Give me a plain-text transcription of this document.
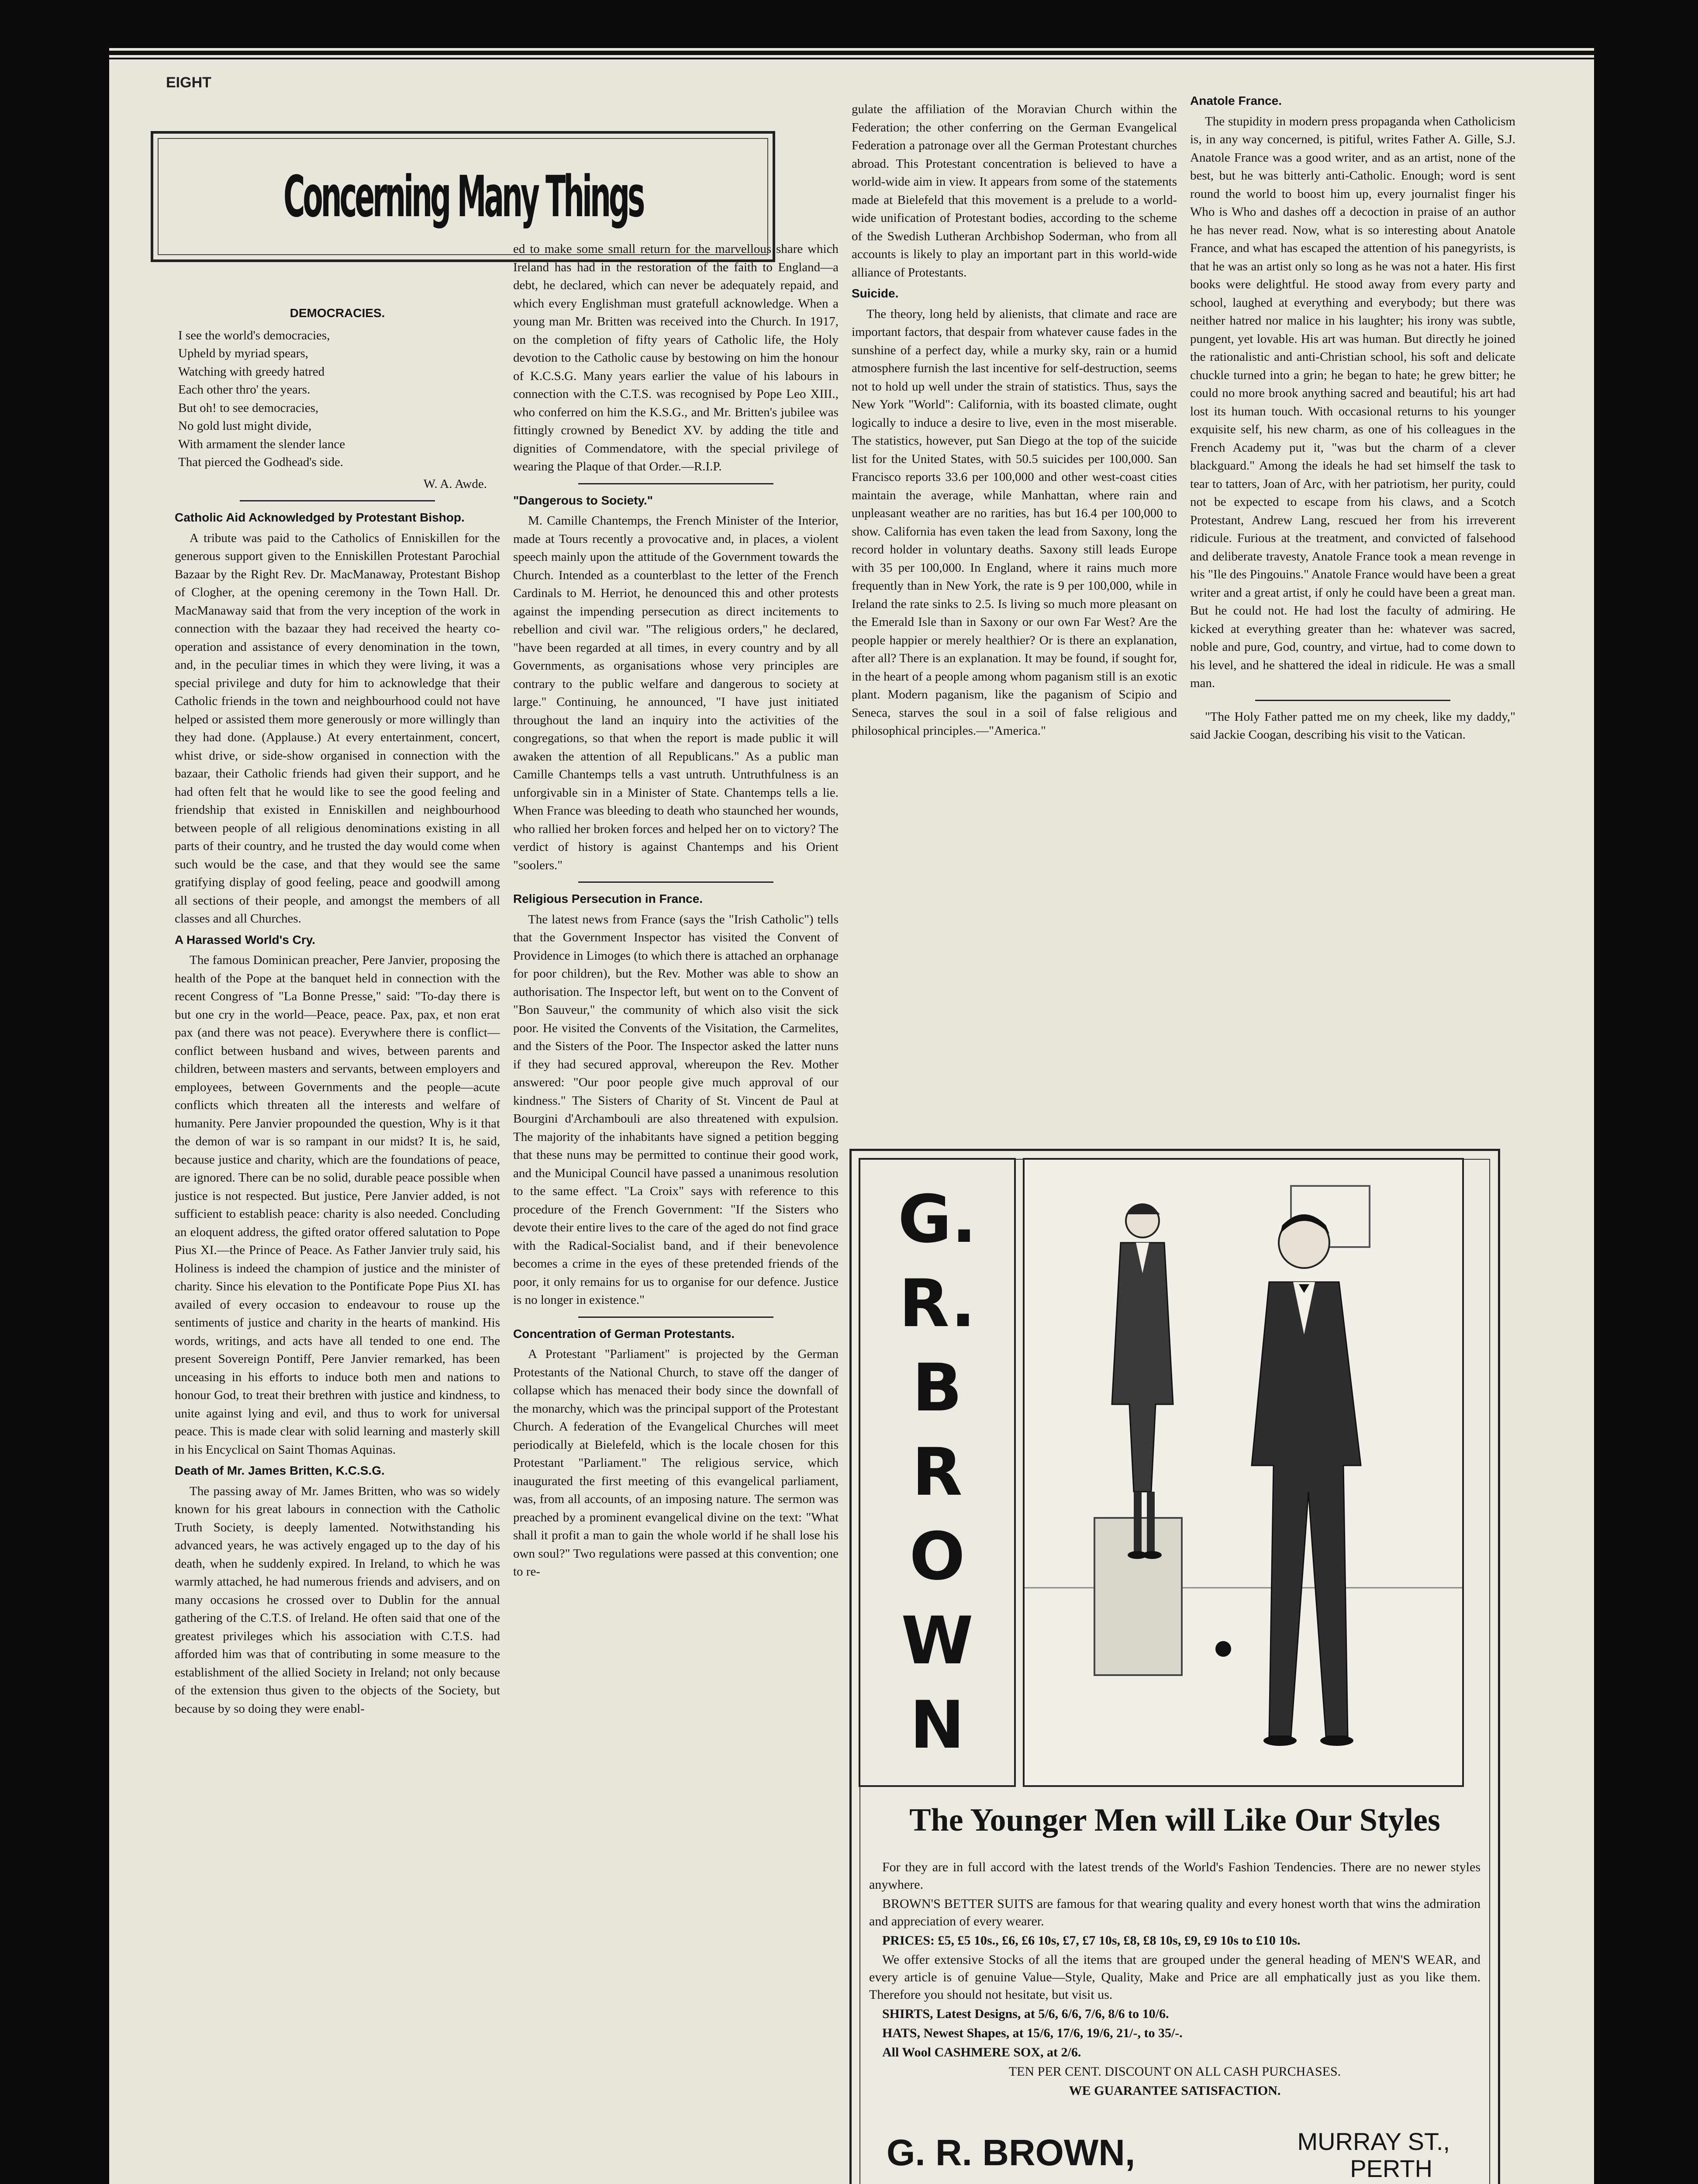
EIGHT
Concerning Many Things
DEMOCRACIES.
I see the world's democracies,
Upheld by myriad spears,
Watching with greedy hatred
Each other thro' the years.
But oh! to see democracies,
No gold lust might divide,
With armament the slender lance
That pierced the Godhead's side.
W. A. Awde.

Catholic Aid Acknowledged by Protestant Bishop.

A tribute was paid to the Catholics of Enniskillen for the generous support given to the Enniskillen Protestant Parochial Bazaar by the Right Rev. Dr. MacManaway, Protestant Bishop of Clogher, at the opening ceremony in the Town Hall. Dr. MacManaway said that from the very inception of the work in connection with the bazaar they had received the hearty co-operation and assistance of every denomination in the town, and, in the peculiar times in which they were living, it was a special privilege and duty for him to acknowledge that their Catholic friends in the town and neighbourhood could not have helped or assisted them more generously or more willingly than they had done. (Applause.) At every entertainment, concert, whist drive, or side-show organised in connection with the bazaar, their Catholic friends had given their support, and he had often felt that he would like to see the good feeling and friendship that existed in Enniskillen and neighbourhood between people of all religious denominations existing in all parts of their country, and he trusted the day would come when such would be the case, and that they would see the same gratifying display of good feeling, peace and goodwill among all sections of their people, and amongst the members of all classes and all Churches.

A Harassed World's Cry.

The famous Dominican preacher, Pere Janvier, proposing the health of the Pope at the banquet held in connection with the recent Congress of "La Bonne Presse," said: "To-day there is but one cry in the world—Peace, peace. Pax, pax, et non erat pax (and there was not peace). Everywhere there is conflict—conflict between husband and wives, between parents and children, between masters and servants, between employers and employees, between Governments and the people—acute conflicts which threaten all the interests and welfare of humanity. Pere Janvier propounded the question, Why is it that the demon of war is so rampant in our midst? It is, he said, because justice and charity, which are the foundations of peace, are ignored. There can be no solid, durable peace possible when justice is not respected. But justice, Pere Janvier added, is not sufficient to establish peace: charity is also needed. Concluding an eloquent address, the gifted orator offered salutation to Pope Pius XI.—the Prince of Peace. As Father Janvier truly said, his Holiness is indeed the champion of justice and the minister of charity. Since his elevation to the Pontificate Pope Pius XI. has availed of every occasion to endeavour to rouse up the sentiments of justice and charity in the hearts of mankind. His words, writings, and acts have all tended to one end. The present Sovereign Pontiff, Pere Janvier remarked, has been unceasing in his efforts to induce both men and nations to honour God, to treat their brethren with justice and kindness, to unite against lying and evil, and thus to work for universal peace. This is made clear with solid learning and masterly skill in his Encyclical on Saint Thomas Aquinas.

Death of Mr. James Britten, K.C.S.G.

The passing away of Mr. James Britten, who was so widely known for his great labours in connection with the Catholic Truth Society, is deeply lamented. Notwithstanding his advanced years, he was actively engaged up to the day of his death, when he suddenly expired. In Ireland, to which he was warmly attached, he had numerous friends and advisers, and on many occasions he crossed over to Dublin for the annual gathering of the C.T.S. of Ireland. He often said that one of the greatest privileges which his association with C.T.S. had afforded him was that of contributing in some measure to the establishment of the allied Society in Ireland; not only because of the extension thus given to the objects of the Society, but because by so doing they were enabl-

ed to make some small return for the marvellous share which Ireland has had in the restoration of the faith to England—a debt, he declared, which can never be adequately repaid, and which every Englishman must gratefull acknowledge. When a young man Mr. Britten was received into the Church. In 1917, on the completion of fifty years of Catholic life, the Holy devotion to the Catholic cause by bestowing on him the honour of K.C.S.G. Many years earlier the value of his labours in connection with the C.T.S. was recognised by Pope Leo XIII., who conferred on him the K.S.G., and Mr. Britten's jubilee was fittingly crowned by Benedict XV. by adding the title and dignities of Commendatore, with the special privilege of wearing the Plaque of that Order.—R.I.P.

"Dangerous to Society."

M. Camille Chantemps, the French Minister of the Interior, made at Tours recently a provocative and, in places, a violent speech mainly upon the attitude of the Government towards the Church. Intended as a counterblast to the letter of the French Cardinals to M. Herriot, he denounced this and other protests against the impending persecution as direct incitements to rebellion and civil war. "The religious orders," he declared, "have been regarded at all times, in every country and by all Governments, as organisations whose very principles are contrary to the public welfare and dangerous to society at large." Continuing, he announced, "I have just initiated throughout the land an inquiry into the activities of the congregations, so that when the report is made public it will awaken the attention of all Republicans." As a public man Camille Chantemps tells a vast untruth. Untruthfulness is an unforgivable sin in a Minister of State. Chantemps tells a lie. When France was bleeding to death who staunched her wounds, who rallied her broken forces and helped her on to victory? The verdict of history is against Chantemps and his Orient "soolers."

Religious Persecution in France.

The latest news from France (says the "Irish Catholic") tells that the Government Inspector has visited the Convent of Providence in Limoges (to which there is attached an orphanage for poor children), but the Rev. Mother was able to show an authorisation. The Inspector left, but went on to the Convent of "Bon Sauveur," the community of which also visit the sick poor. He visited the Convents of the Visitation, the Carmelites, and the Sisters of the Poor. The Inspector asked the latter nuns if they had secured approval, whereupon the Rev. Mother answered: "Our poor people give much approval of our kindness." The Sisters of Charity of St. Vincent de Paul at Bourgini d'Archambouli are also threatened with expulsion. The majority of the inhabitants have signed a petition begging that these nuns may be permitted to continue their good work, and the Municipal Council have passed a unanimous resolution to the same effect. "La Croix" says with reference to this procedure of the French Government: "If the Sisters who devote their entire lives to the care of the aged do not find grace with the Radical-Socialist band, and if their benevolence becomes a crime in the eyes of these pretended friends of the poor, it only remains for us to organise for our defence. Justice is no longer in existence."

Concentration of German Protestants.

A Protestant "Parliament" is projected by the German Protestants of the National Church, to stave off the danger of collapse which has menaced their body since the downfall of the monarchy, which was the principal support of the Protestant Church. A federation of the Evangelical Churches will meet periodically at Bielefeld, which is the locale chosen for this Protestant "Parliament." The religious service, which inaugurated the first meeting of this evangelical parliament, was, from all accounts, of an imposing nature. The sermon was preached by a prominent evangelical divine on the text: "What shall it profit a man to gain the whole world if he shall lose his own soul?" Two regulations were passed at this convention; one to re-

gulate the affiliation of the Moravian Church within the Federation; the other conferring on the German Evangelical Federation a patronage over all the German Protestant churches abroad. This Protestant concentration is believed to have a world-wide aim in view. It appears from some of the statements made at Bielefeld that this movement is a prelude to a world-wide unification of Protestant bodies, according to the scheme of the Swedish Lutheran Archbishop Soderman, who from all accounts is likely to play an important part in this world-wide alliance of Protestants.

Suicide.

The theory, long held by alienists, that climate and race are important factors, that despair from whatever cause fades in the sunshine of a perfect day, while a murky sky, rain or a humid atmosphere furnish the last incentive for self-destruction, seems not to hold up well under the strain of statistics. Thus, says the New York "World": California, with its boasted climate, ought logically to induce a desire to live, even in the most miserable. The statistics, however, put San Diego at the top of the suicide list for the United States, with 50.5 suicides per 100,000. San Francisco reports 33.6 per 100,000 and other west-coast cities maintain the average, while Manhattan, where rain and unpleasant weather are no rarities, has but 16.4 per 100,000 to show. California has even taken the lead from Saxony, long the record holder in voluntary deaths. Saxony still leads Europe with 35 per 100,000. In England, where it rains much more frequently than in New York, the rate is 9 per 100,000, while in Ireland the rate sinks to 2.5. Is living so much more pleasant on the Emerald Isle than in Saxony or our own Far West? Are the people happier or merely healthier? Or is there an explanation, after all? There is an explanation. It may be found, if sought for, in the heart of a people among whom paganism still is an exotic plant. Modern paganism, like the paganism of Scipio and Seneca, starves the soul in a soil of false religious and philosophical principles.—"America."

Anatole France.

The stupidity in modern press propaganda when Catholicism is, in any way concerned, is pitiful, writes Father A. Gille, S.J. Anatole France was a good writer, and as an artist, none of the best, but he was bitterly anti-Catholic. Enough; word is sent round the world to boost him up, every journalist finger his Who is Who and dashes off a decoction in praise of an author he has never read. Now, what is so interesting about Anatole France, and what has escaped the attention of his panegyrists, is that he was an artist only so long as he was not a hater. His first books were delightful. He stood away from every party and school, laughed at everything and everybody; but there was neither hatred nor malice in his laughter; his irony was subtle, pungent, yet lovable. His art was human. But directly he joined the rationalistic and anti-Christian school, his soft and delicate chuckle turned into a grin; he began to hate; he grew bitter; he could no more brook anything sacred and beautiful; his art had lost its human touch. With occasional returns to his younger exquisite self, his new charm, as one of his colleagues in the French Academy put it, "was but the charm of a clever blackguard." Among the ideals he had set himself the task to tear to tatters, Joan of Arc, with her patriotism, her purity, could not be expected to escape from his claws, and a Scotch Protestant, Andrew Lang, rescued her from his irreverent ridicule. Furious at the treatment, and convicted of falsehood and deliberate travesty, Anatole France took a mean revenge in his "Ile des Pingouins." Anatole France would have been a great writer and a great artist, if only he could have been a great man. But he could not. He had lost the faculty of admiring. He kicked at everything greater than he: whatever was sacred, noble and pure, God, country, and virtue, had to come down to his level, and he shattered the ideal in ridicule. He was a small man.

"The Holy Father patted me on my cheek, like my daddy," said Jackie Coogan, describing his visit to the Vatican.

G.
R.
B
R
O
W
N
The Younger Men will Like Our Styles

For they are in full accord with the latest trends of the World's Fashion Tendencies. There are no newer styles anywhere.

BROWN'S BETTER SUITS are famous for that wearing quality and every honest worth that wins the admiration and appreciation of every wearer.

PRICES: £5, £5 10s., £6, £6 10s, £7, £7 10s, £8, £8 10s, £9, £9 10s to £10 10s.

We offer extensive Stocks of all the items that are grouped under the general heading of MEN'S WEAR, and every article is of genuine Value—Style, Quality, Make and Price are all emphatically just as you like them. Therefore you should not hesitate, but visit us.

SHIRTS, Latest Designs, at 5/6, 6/6, 7/6, 8/6 to 10/6.

HATS, Newest Shapes, at 15/6, 17/6, 19/6, 21/-, to 35/-.

All Wool CASHMERE SOX, at 2/6.

TEN PER CENT. DISCOUNT ON ALL CASH PURCHASES.

WE GUARANTEE SATISFACTION.

G. R. BROWN,	MURRAY ST.,
PERTH
